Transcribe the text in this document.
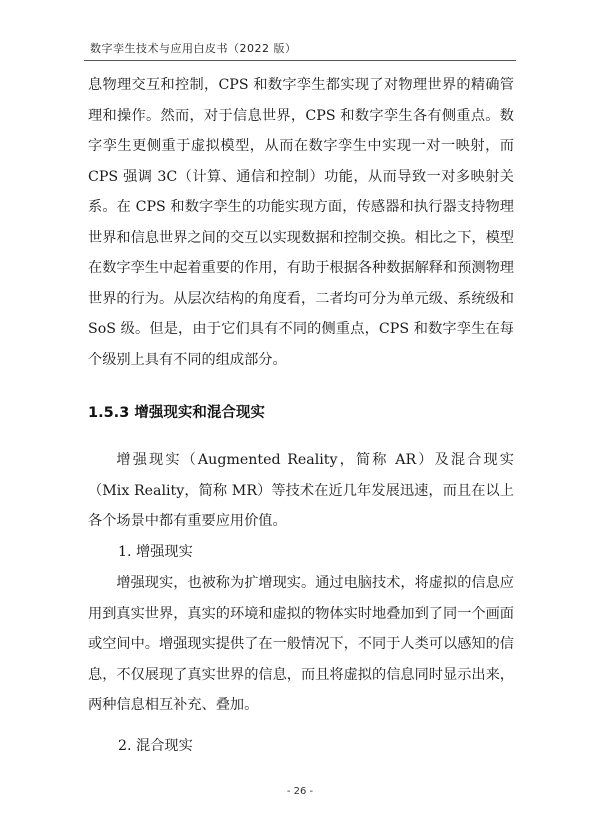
数字孪生技术与应用白皮书（2022 版）

息物理交互和控制，CPS 和数字孪生都实现了对物理世界的精确管理和操作。然而，对于信息世界，CPS 和数字孪生各有侧重点。数字孪生更侧重于虚拟模型，从而在数字孪生中实现一对一映射，而 CPS 强调 3C（计算、通信和控制）功能，从而导致一对多映射关系。在 CPS 和数字孪生的功能实现方面，传感器和执行器支持物理世界和信息世界之间的交互以实现数据和控制交换。相比之下，模型在数字孪生中起着重要的作用，有助于根据各种数据解释和预测物理世界的行为。从层次结构的角度看，二者均可分为单元级、系统级和 SoS 级。但是，由于它们具有不同的侧重点，CPS 和数字孪生在每个级别上具有不同的组成部分。

1.5.3 增强现实和混合现实

增强现实（Augmented Reality，简称 AR）及混合现实（Mix Reality，简称 MR）等技术在近几年发展迅速，而且在以上各个场景中都有重要应用价值。

1. 增强现实

增强现实，也被称为扩增现实。通过电脑技术，将虚拟的信息应用到真实世界，真实的环境和虚拟的物体实时地叠加到了同一个画面或空间中。增强现实提供了在一般情况下，不同于人类可以感知的信息，不仅展现了真实世界的信息，而且将虚拟的信息同时显示出来，两种信息相互补充、叠加。

2. 混合现实
- 26 -
